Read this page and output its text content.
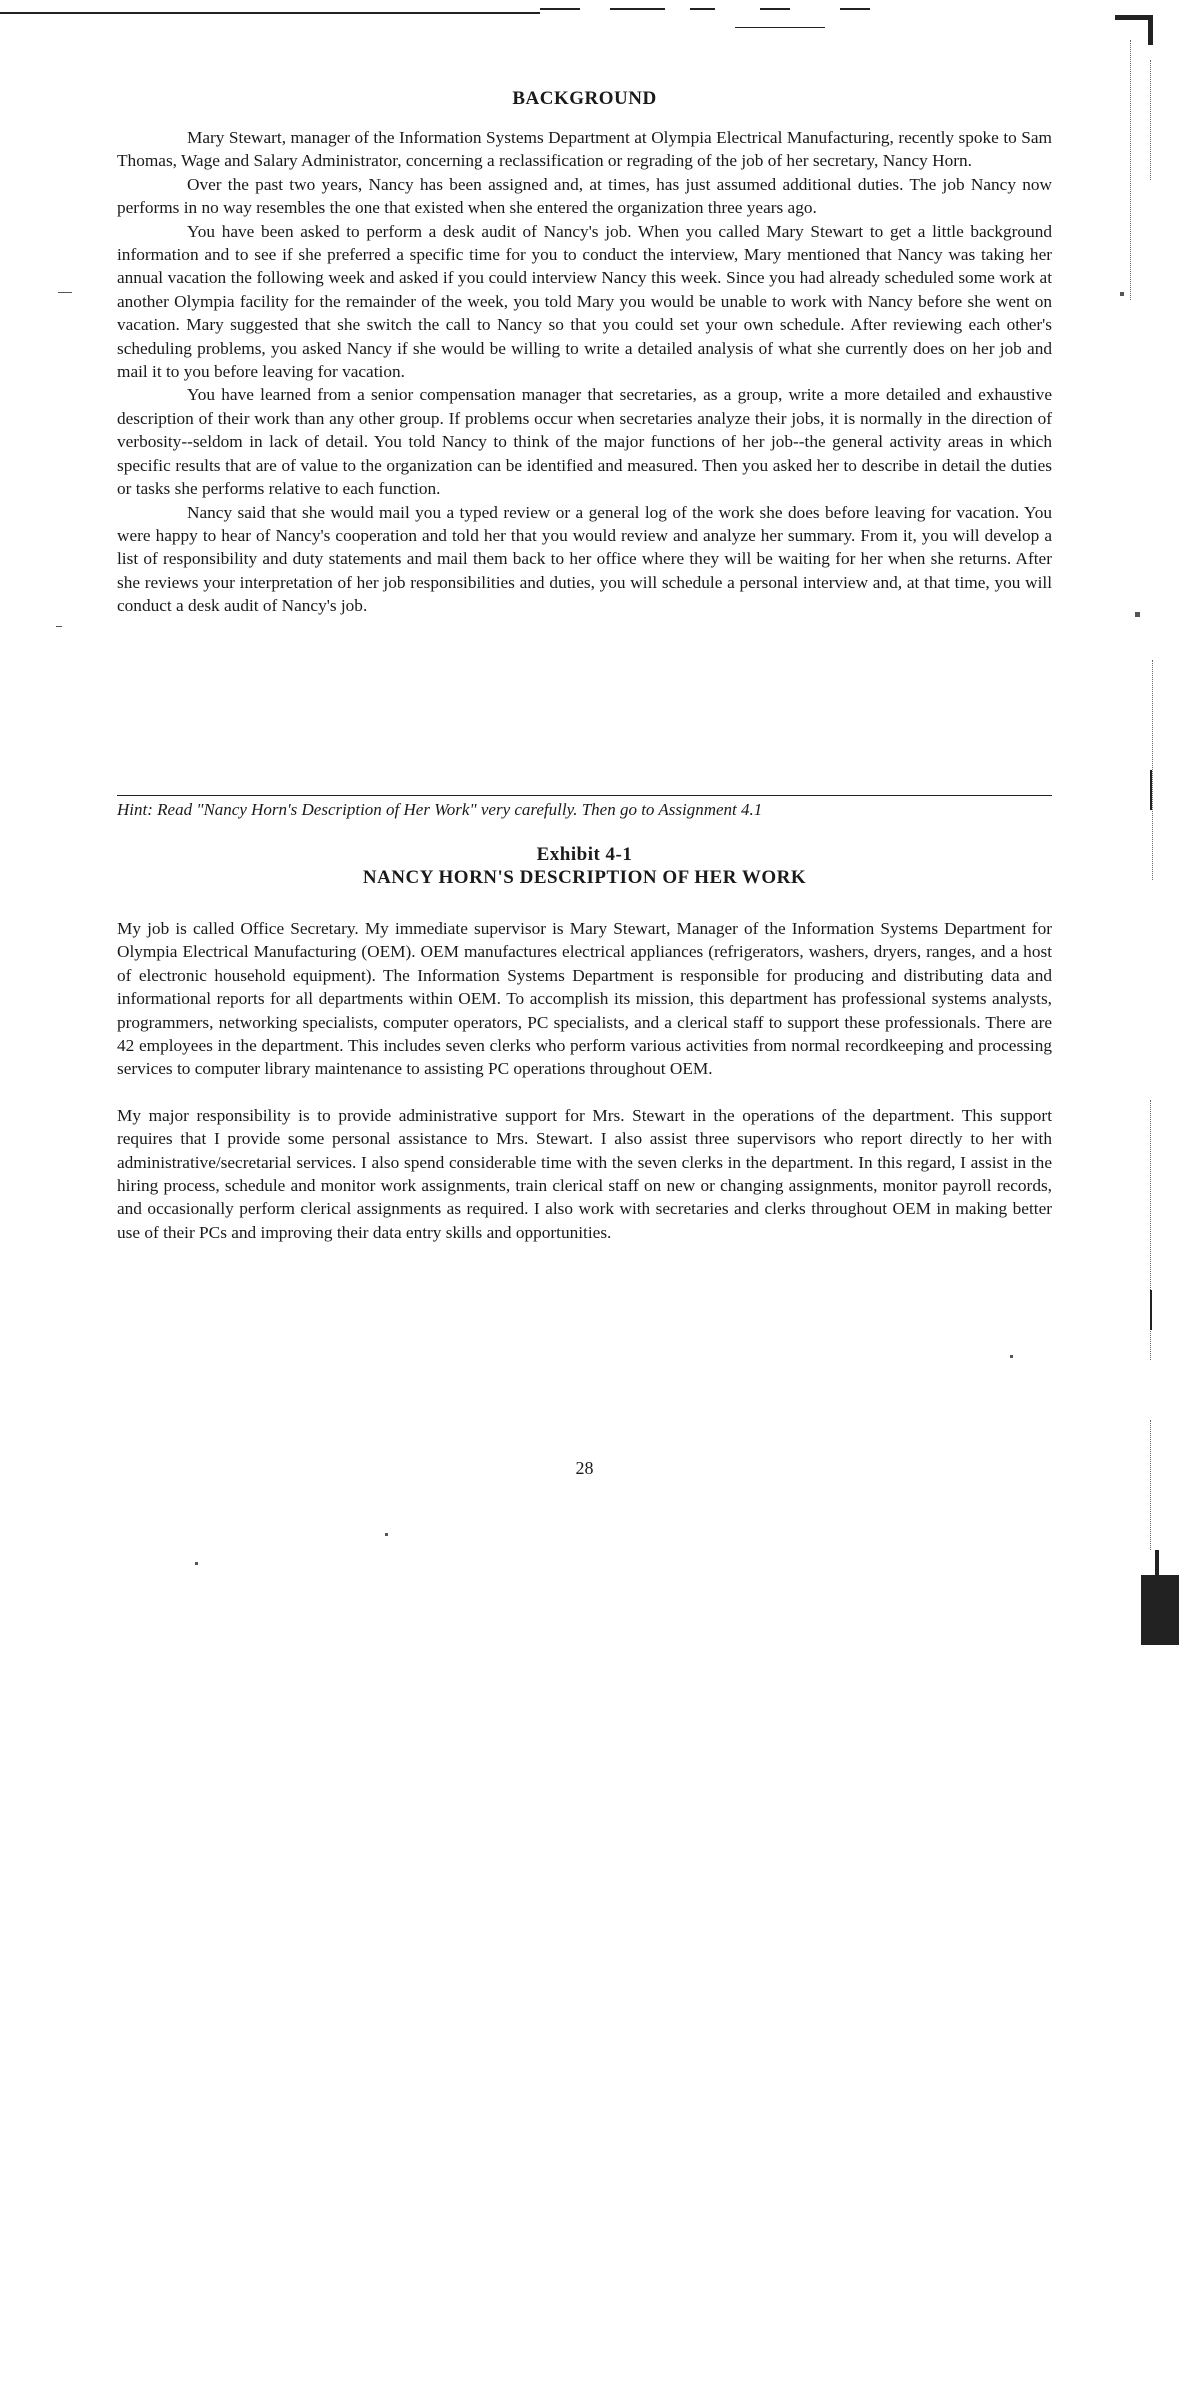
BACKGROUND

Mary Stewart, manager of the Information Systems Department at Olympia Electrical Manufacturing, recently spoke to Sam Thomas, Wage and Salary Administrator, concerning a reclassification or regrading of the job of her secretary, Nancy Horn.

Over the past two years, Nancy has been assigned and, at times, has just assumed additional duties. The job Nancy now performs in no way resembles the one that existed when she entered the organization three years ago.

You have been asked to perform a desk audit of Nancy's job. When you called Mary Stewart to get a little background information and to see if she preferred a specific time for you to conduct the interview, Mary mentioned that Nancy was taking her annual vacation the following week and asked if you could interview Nancy this week. Since you had already scheduled some work at another Olympia facility for the remainder of the week, you told Mary you would be unable to work with Nancy before she went on vacation. Mary suggested that she switch the call to Nancy so that you could set your own schedule. After reviewing each other's scheduling problems, you asked Nancy if she would be willing to write a detailed analysis of what she currently does on her job and mail it to you before leaving for vacation.

You have learned from a senior compensation manager that secretaries, as a group, write a more detailed and exhaustive description of their work than any other group. If problems occur when secretaries analyze their jobs, it is normally in the direction of verbosity--seldom in lack of detail. You told Nancy to think of the major functions of her job--the general activity areas in which specific results that are of value to the organization can be identified and measured. Then you asked her to describe in detail the duties or tasks she performs relative to each function.

Nancy said that she would mail you a typed review or a general log of the work she does before leaving for vacation. You were happy to hear of Nancy's cooperation and told her that you would review and analyze her summary. From it, you will develop a list of responsibility and duty statements and mail them back to her office where they will be waiting for her when she returns. After she reviews your interpretation of her job responsibilities and duties, you will schedule a personal interview and, at that time, you will conduct a desk audit of Nancy's job.

Hint: Read "Nancy Horn's Description of Her Work" very carefully. Then go to Assignment 4.1
Exhibit 4-1
NANCY HORN'S DESCRIPTION OF HER WORK

My job is called Office Secretary. My immediate supervisor is Mary Stewart, Manager of the Information Systems Department for Olympia Electrical Manufacturing (OEM). OEM manufactures electrical appliances (refrigerators, washers, dryers, ranges, and a host of electronic household equipment). The Information Systems Department is responsible for producing and distributing data and informational reports for all departments within OEM. To accomplish its mission, this department has professional systems analysts, programmers, networking specialists, computer operators, PC specialists, and a clerical staff to support these professionals. There are 42 employees in the department. This includes seven clerks who perform various activities from normal recordkeeping and processing services to computer library maintenance to assisting PC operations throughout OEM.

My major responsibility is to provide administrative support for Mrs. Stewart in the operations of the department. This support requires that I provide some personal assistance to Mrs. Stewart. I also assist three supervisors who report directly to her with administrative/secretarial services. I also spend considerable time with the seven clerks in the department. In this regard, I assist in the hiring process, schedule and monitor work assignments, train clerical staff on new or changing assignments, monitor payroll records, and occasionally perform clerical assignments as required. I also work with secretaries and clerks throughout OEM in making better use of their PCs and improving their data entry skills and opportunities.

28
